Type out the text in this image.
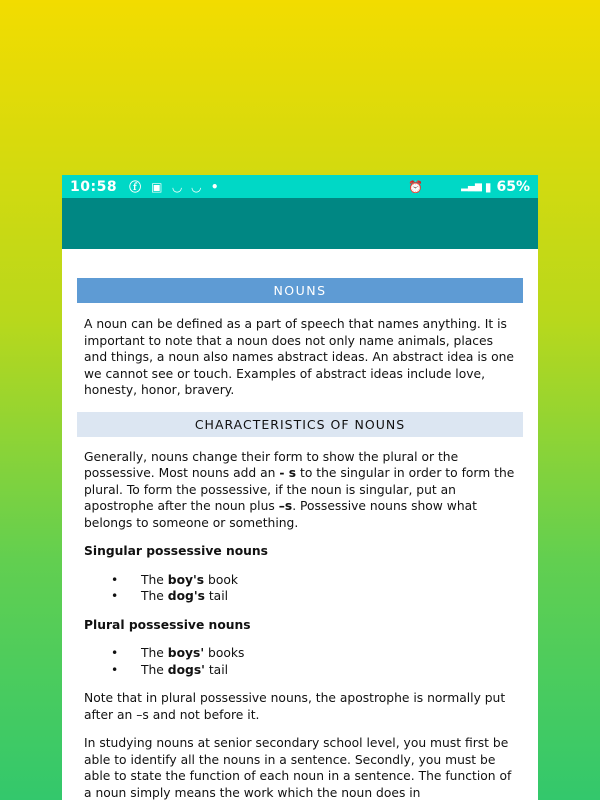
10:58 ⓕ ▣ ◡ ◡ •	⏰	▂▄▆ ▮ 65%
NOUNS

A noun can be defined as a part of speech that names anything. It is important to note that a noun does not only name animals, places and things, a noun also names abstract ideas. An abstract idea is one we cannot see or touch. Examples of abstract ideas include love, honesty, honor, bravery.

CHARACTERISTICS OF NOUNS

Generally, nouns change their form to show the plural or the possessive. Most nouns add an - s to the singular in order to form the plural. To form the possessive, if the noun is singular, put an apostrophe after the noun plus –s. Possessive nouns show what belongs to someone or something.

Singular possessive nouns

• The boy's book
• The dog's tail

Plural possessive nouns

• The boys' books
• The dogs' tail

Note that in plural possessive nouns, the apostrophe is normally put after an –s and not before it.

In studying nouns at senior secondary school level, you must first be able to identify all the nouns in a sentence. Secondly, you must be able to state the function of each noun in a sentence. The function of a noun simply means the work which the noun does in
